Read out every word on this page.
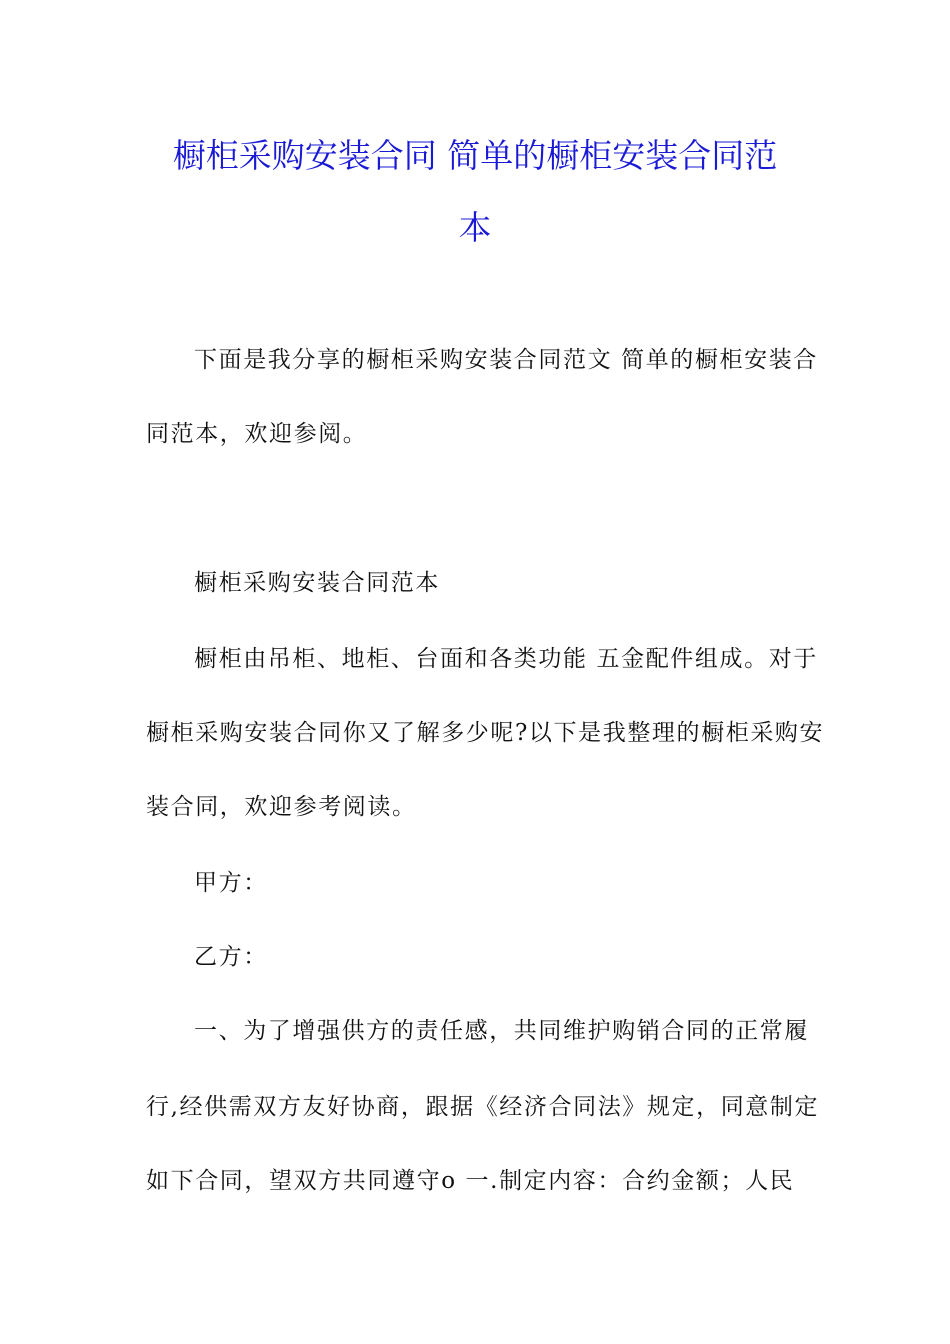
橱柜采购安装合同 简单的橱柜安装合同范
本
下面是我分享的橱柜采购安装合同范文 简单的橱柜安装合
同范本，欢迎参阅。
橱柜采购安装合同范本
橱柜由吊柜、地柜、台面和各类功能 五金配件组成。对于
橱柜采购安装合同你又了解多少呢?以下是我整理的橱柜采购安
装合同，欢迎参考阅读。
甲方：
乙方：
一、为了增强供方的责任感，共同维护购销合同的正常履
行,经供需双方友好协商，跟据《经济合同法》规定，同意制定
如下合同，望双方共同遵守o 一.制定内容：合约金额；人民
